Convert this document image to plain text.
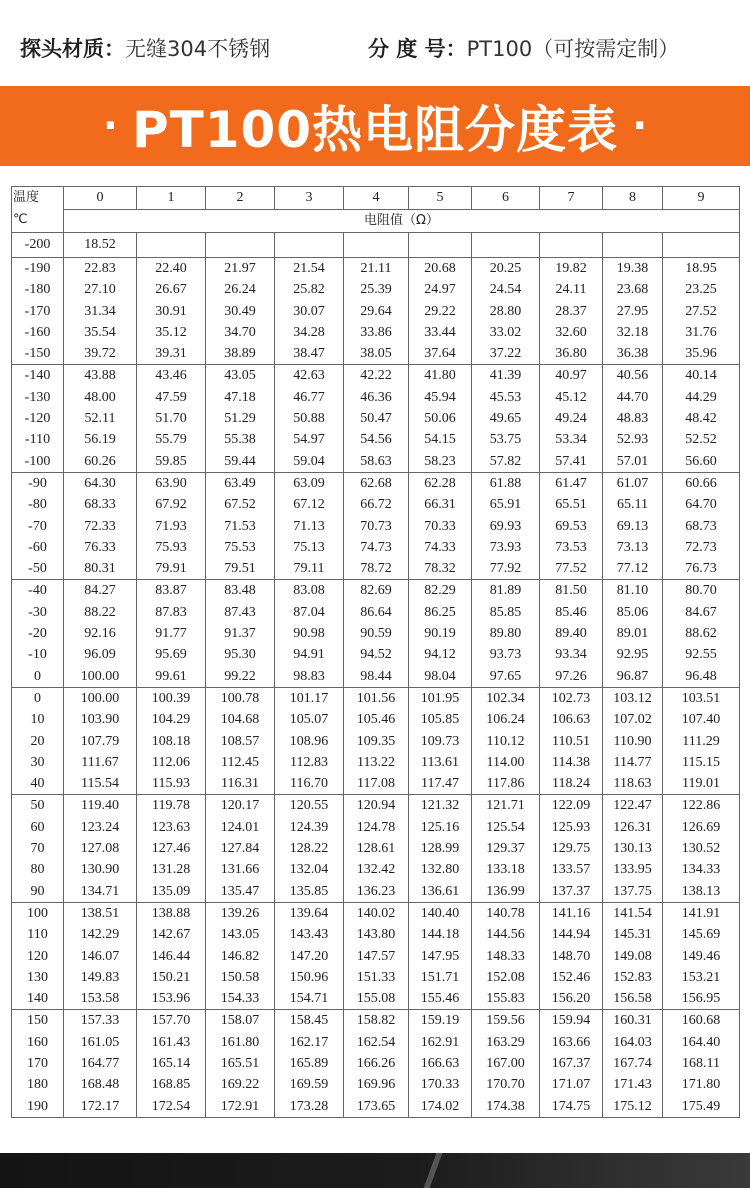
探头材质：无缝304不锈钢	分 度 号：PT100（可按需定制）
· PT100热电阻分度表 ·
温度
℃	0	1	2	3	4	5	6	7	8	9
	电阻值（Ω）									
-200	18.52									
-190	22.83	22.40	21.97	21.54	21.11	20.68	20.25	19.82	19.38	18.95
-180	27.10	26.67	26.24	25.82	25.39	24.97	24.54	24.11	23.68	23.25
-170	31.34	30.91	30.49	30.07	29.64	29.22	28.80	28.37	27.95	27.52
-160	35.54	35.12	34.70	34.28	33.86	33.44	33.02	32.60	32.18	31.76
-150	39.72	39.31	38.89	38.47	38.05	37.64	37.22	36.80	36.38	35.96
-140	43.88	43.46	43.05	42.63	42.22	41.80	41.39	40.97	40.56	40.14
-130	48.00	47.59	47.18	46.77	46.36	45.94	45.53	45.12	44.70	44.29
-120	52.11	51.70	51.29	50.88	50.47	50.06	49.65	49.24	48.83	48.42
-110	56.19	55.79	55.38	54.97	54.56	54.15	53.75	53.34	52.93	52.52
-100	60.26	59.85	59.44	59.04	58.63	58.23	57.82	57.41	57.01	56.60
-90	64.30	63.90	63.49	63.09	62.68	62.28	61.88	61.47	61.07	60.66
-80	68.33	67.92	67.52	67.12	66.72	66.31	65.91	65.51	65.11	64.70
-70	72.33	71.93	71.53	71.13	70.73	70.33	69.93	69.53	69.13	68.73
-60	76.33	75.93	75.53	75.13	74.73	74.33	73.93	73.53	73.13	72.73
-50	80.31	79.91	79.51	79.11	78.72	78.32	77.92	77.52	77.12	76.73
-40	84.27	83.87	83.48	83.08	82.69	82.29	81.89	81.50	81.10	80.70
-30	88.22	87.83	87.43	87.04	86.64	86.25	85.85	85.46	85.06	84.67
-20	92.16	91.77	91.37	90.98	90.59	90.19	89.80	89.40	89.01	88.62
-10	96.09	95.69	95.30	94.91	94.52	94.12	93.73	93.34	92.95	92.55
0	100.00	99.61	99.22	98.83	98.44	98.04	97.65	97.26	96.87	96.48
0	100.00	100.39	100.78	101.17	101.56	101.95	102.34	102.73	103.12	103.51
10	103.90	104.29	104.68	105.07	105.46	105.85	106.24	106.63	107.02	107.40
20	107.79	108.18	108.57	108.96	109.35	109.73	110.12	110.51	110.90	111.29
30	111.67	112.06	112.45	112.83	113.22	113.61	114.00	114.38	114.77	115.15
40	115.54	115.93	116.31	116.70	117.08	117.47	117.86	118.24	118.63	119.01
50	119.40	119.78	120.17	120.55	120.94	121.32	121.71	122.09	122.47	122.86
60	123.24	123.63	124.01	124.39	124.78	125.16	125.54	125.93	126.31	126.69
70	127.08	127.46	127.84	128.22	128.61	128.99	129.37	129.75	130.13	130.52
80	130.90	131.28	131.66	132.04	132.42	132.80	133.18	133.57	133.95	134.33
90	134.71	135.09	135.47	135.85	136.23	136.61	136.99	137.37	137.75	138.13
100	138.51	138.88	139.26	139.64	140.02	140.40	140.78	141.16	141.54	141.91
110	142.29	142.67	143.05	143.43	143.80	144.18	144.56	144.94	145.31	145.69
120	146.07	146.44	146.82	147.20	147.57	147.95	148.33	148.70	149.08	149.46
130	149.83	150.21	150.58	150.96	151.33	151.71	152.08	152.46	152.83	153.21
140	153.58	153.96	154.33	154.71	155.08	155.46	155.83	156.20	156.58	156.95
150	157.33	157.70	158.07	158.45	158.82	159.19	159.56	159.94	160.31	160.68
160	161.05	161.43	161.80	162.17	162.54	162.91	163.29	163.66	164.03	164.40
170	164.77	165.14	165.51	165.89	166.26	166.63	167.00	167.37	167.74	168.11
180	168.48	168.85	169.22	169.59	169.96	170.33	170.70	171.07	171.43	171.80
190	172.17	172.54	172.91	173.28	173.65	174.02	174.38	174.75	175.12	175.49
